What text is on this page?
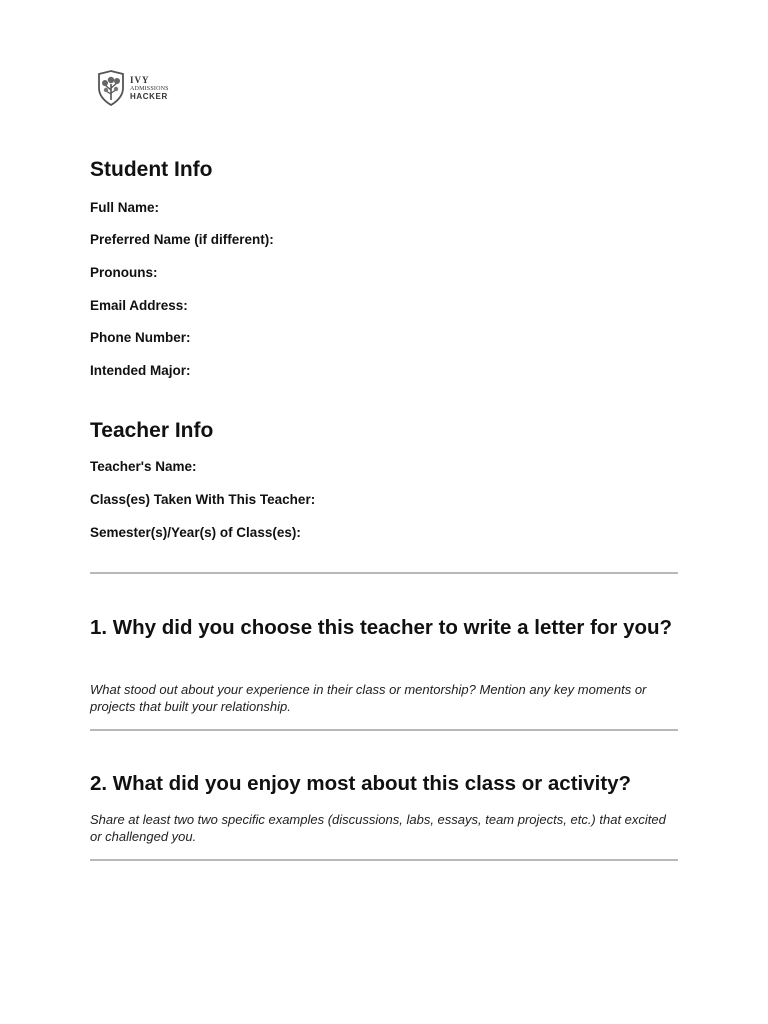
IVY
ADMISSIONS
HACKER
Student Info

Full Name:

Preferred Name (if different):

Pronouns:

Email Address:

Phone Number:

Intended Major:

Teacher Info

Teacher's Name:

Class(es) Taken With This Teacher:

Semester(s)/Year(s) of Class(es):

1. Why did you choose this teacher to write a letter for you?

What stood out about your experience in their class or mentorship? Mention any key moments or projects that built your relationship.

2. What did you enjoy most about this class or activity?

Share at least two two specific examples (discussions, labs, essays, team projects, etc.) that excited or challenged you.
